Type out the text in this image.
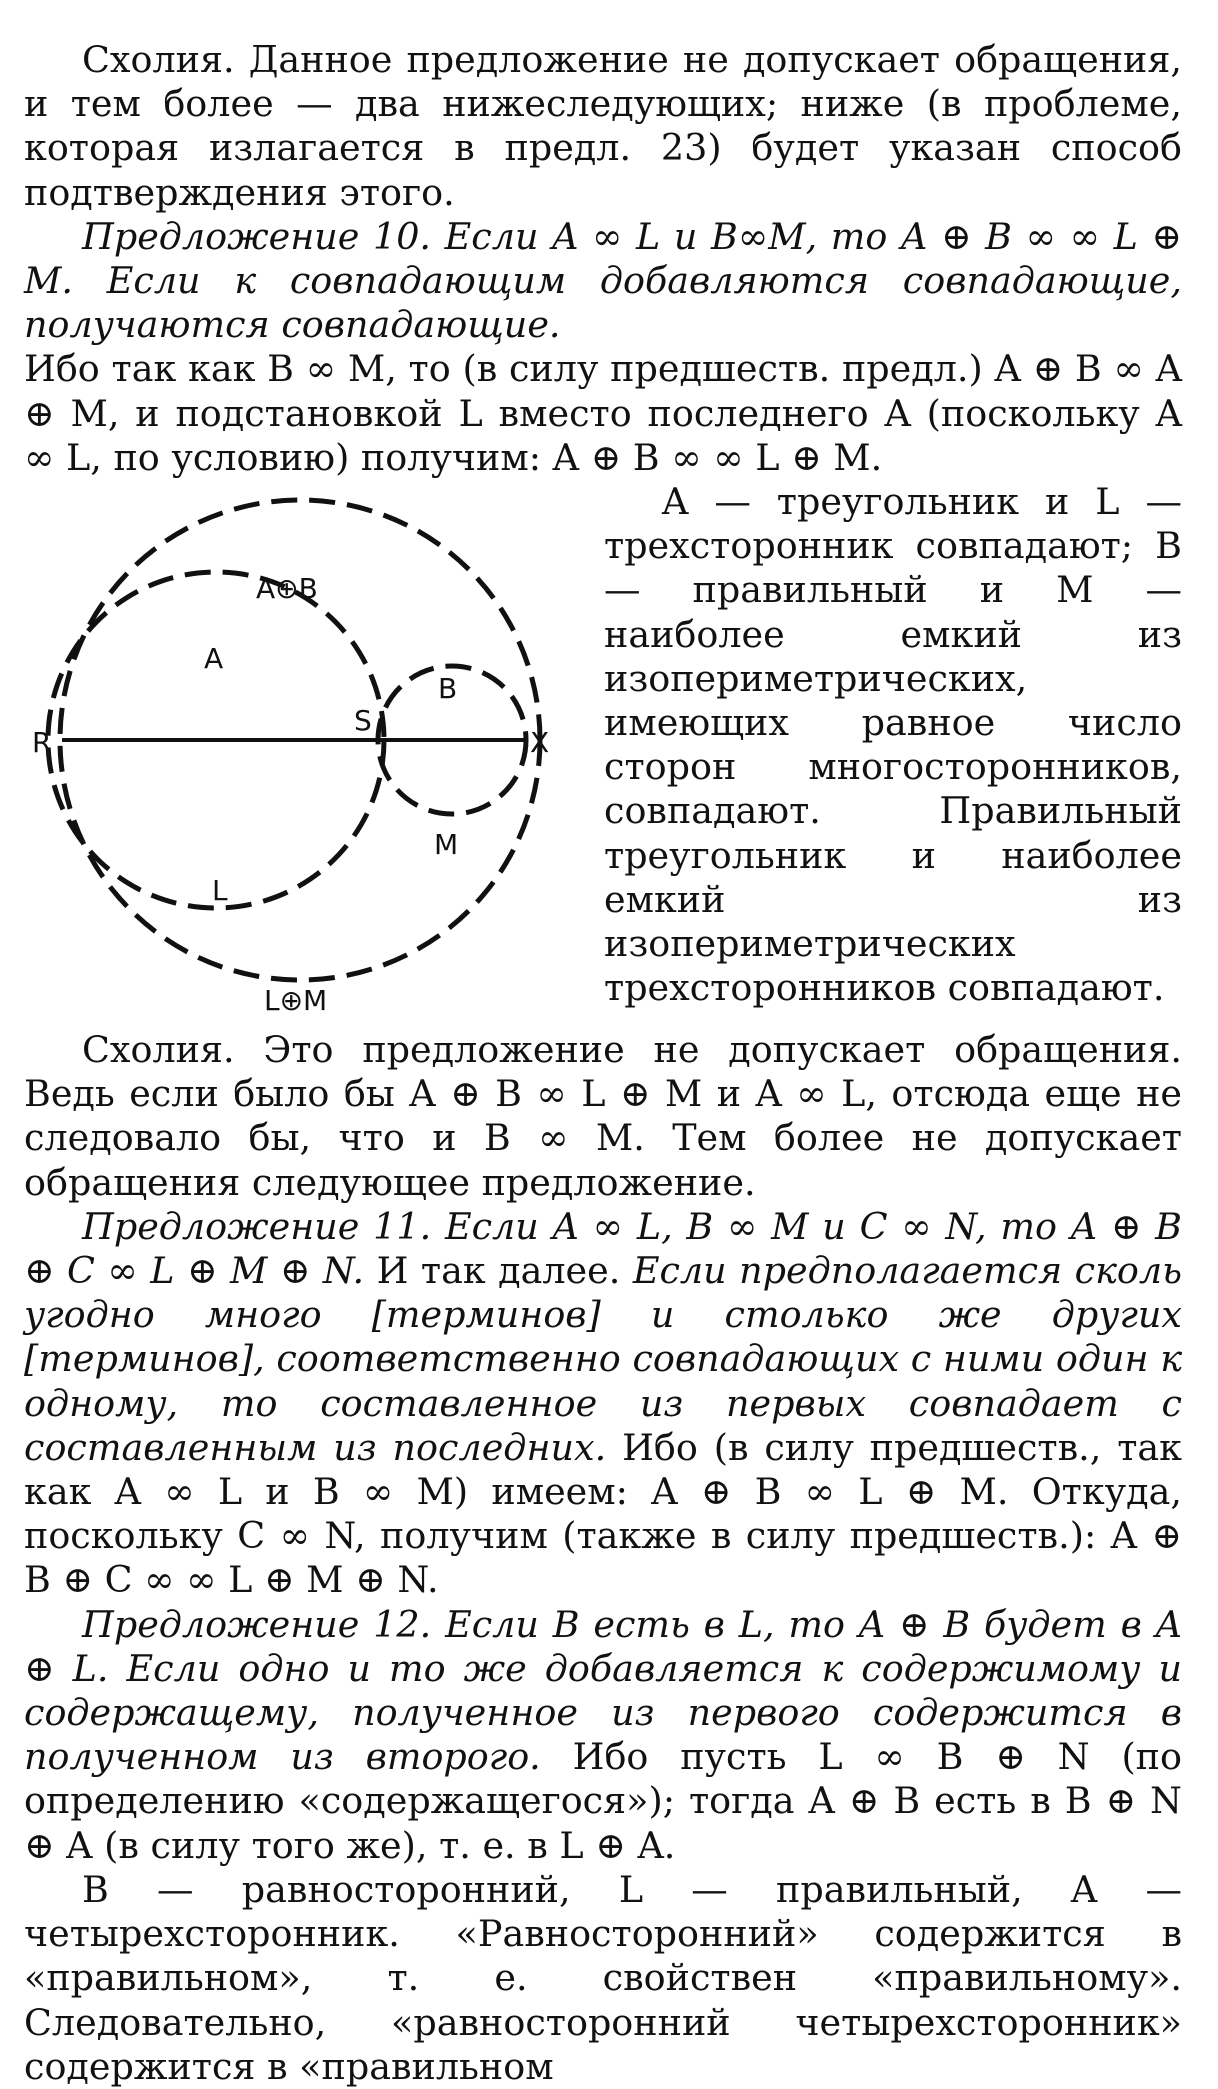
Схолия. Данное предложение не допускает обращения, и тем более — два нижеследующих; ниже (в проблеме, которая излагается в предл. 23) будет указан способ подтверждения этого.

Предложение 10. Если A ∞ L и B∞M, то A ⊕ B ∞ ∞ L ⊕ M. Если к совпадающим добавляются совпадающие, получаются совпадающие.

Ибо так как B ∞ M, то (в силу предшеств. предл.) A ⊕ B ∞ A ⊕ M, и подстановкой L вместо последнего A (поскольку A ∞ L, по условию) получим: A ⊕ B ∞ ∞ L ⊕ M.

A⊕B
A
B
R
S
X
M
L
L⊕M

A — треугольник и L — трехсторонник совпадают; B — правильный и M — наиболее емкий из изопериметрических, имеющих равное число сторон многосторонников, совпадают. Правильный треугольник и наиболее емкий из изопериметрических трехсторонников совпадают.

Схолия. Это предложение не допускает обращения. Ведь если было бы A ⊕ B ∞ L ⊕ M и A ∞ L, отсюда еще не следовало бы, что и B ∞ M. Тем более не допускает обращения следующее предложение.

Предложение 11. Если A ∞ L, B ∞ M и C ∞ N, то A ⊕ B ⊕ C ∞ L ⊕ M ⊕ N. И так далее. Если предполагается сколь угодно много [терминов] и столько же других [терминов], соответственно совпадающих с ними один к одному, то составленное из первых совпадает с составленным из последних. Ибо (в силу предшеств., так как A ∞ L и B ∞ M) имеем: A ⊕ B ∞ L ⊕ M. Откуда, поскольку C ∞ N, получим (также в силу предшеств.): A ⊕ B ⊕ C ∞ ∞ L ⊕ M ⊕ N.

Предложение 12. Если B есть в L, то A ⊕ B будет в A ⊕ L. Если одно и то же добавляется к содержимому и содержащему, полученное из первого содержится в полученном из второго. Ибо пусть L ∞ B ⊕ N (по определению «содержащегося»); тогда A ⊕ B есть в B ⊕ N ⊕ A (в силу того же), т. е. в L ⊕ A.

B — равносторонний, L — правильный, A — четырехсторонник. «Равносторонний» содержится в «правильном», т. е. свойствен «правильному». Следовательно, «равносторонний четырехсторонник» содержится в «правильном
